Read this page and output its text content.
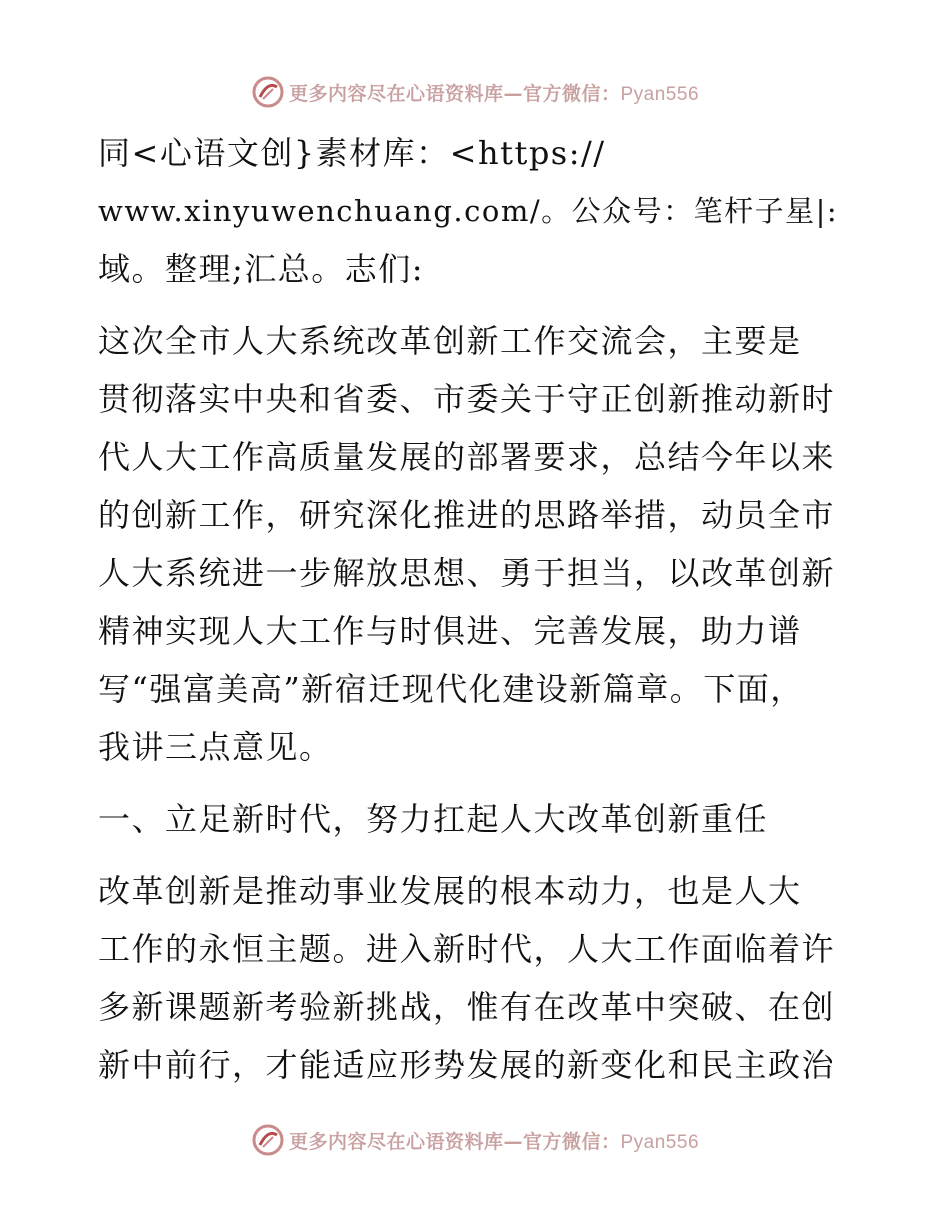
更多内容尽在心语资料库—官方微信：Pyan556
同<心语文创}素材库：<https://
www.xinyuwenchuang.com/。公众号：笔杆子星|:
域。整理;汇总。志们:
这次全市人大系统改革创新工作交流会，主要是
贯彻落实中央和省委、市委关于守正创新推动新时
代人大工作高质量发展的部署要求，总结今年以来
的创新工作，研究深化推进的思路举措，动员全市
人大系统进一步解放思想、勇于担当，以改革创新
精神实现人大工作与时俱进、完善发展，助力谱
写“强富美高”新宿迁现代化建设新篇章。下面，
我讲三点意见。
一、立足新时代，努力扛起人大改革创新重任
改革创新是推动事业发展的根本动力，也是人大
工作的永恒主题。进入新时代，人大工作面临着许
多新课题新考验新挑战，惟有在改革中突破、在创
新中前行，才能适应形势发展的新变化和民主政治
更多内容尽在心语资料库—官方微信：Pyan556
